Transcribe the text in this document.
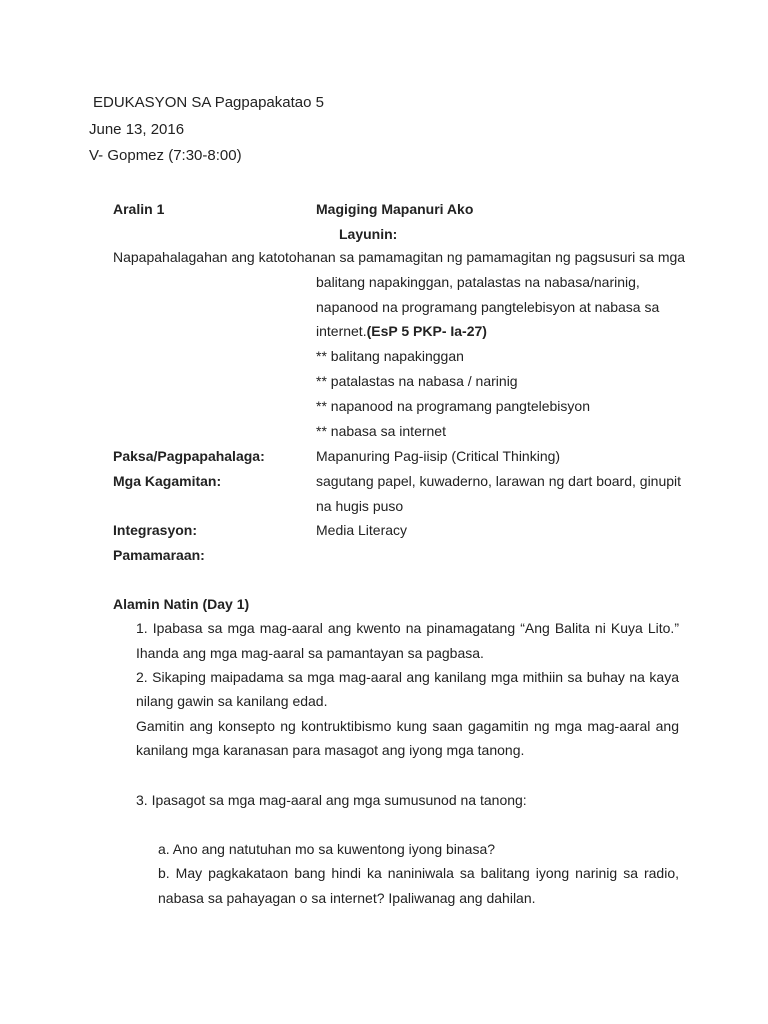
EDUKASYON SA Pagpapakatao 5
June 13, 2016
V- Gopmez (7:30-8:00)
Aralin 1	Magiging Mapanuri Ako
Layunin:
Napapahalagahan ang katotohanan sa pamamagitan ng pamamagitan ng pagsusuri sa mga
balitang napakinggan, patalastas na nabasa/narinig,
napanood na programang pangtelebisyon at nabasa sa
internet.(EsP 5 PKP- Ia-27)
** balitang napakinggan
** patalastas na nabasa / narinig
** napanood na programang pangtelebisyon
** nabasa sa internet
Paksa/Pagpapahalaga:	Mapanuring Pag-iisip (Critical Thinking)
Mga Kagamitan:	sagutang papel, kuwaderno, larawan ng dart board, ginupit
na hugis puso
Integrasyon:	Media Literacy
Pamamaraan:
Alamin Natin (Day 1)
1. Ipabasa sa mga mag-aaral ang kwento na pinamagatang “Ang Balita ni Kuya Lito.”
Ihanda ang mga mag-aaral sa pamantayan sa pagbasa.
2. Sikaping maipadama sa mga mag-aaral ang kanilang mga mithiin sa buhay na kaya
nilang gawin sa kanilang edad.
Gamitin ang konsepto ng kontruktibismo kung saan gagamitin ng mga mag-aaral ang
kanilang mga karanasan para masagot ang iyong mga tanong.
3. Ipasagot sa mga mag-aaral ang mga sumusunod na tanong:
a. Ano ang natutuhan mo sa kuwentong iyong binasa?
b. May pagkakataon bang hindi ka naniniwala sa balitang iyong narinig sa radio,
nabasa sa pahayagan o sa internet? Ipaliwanag ang dahilan.
